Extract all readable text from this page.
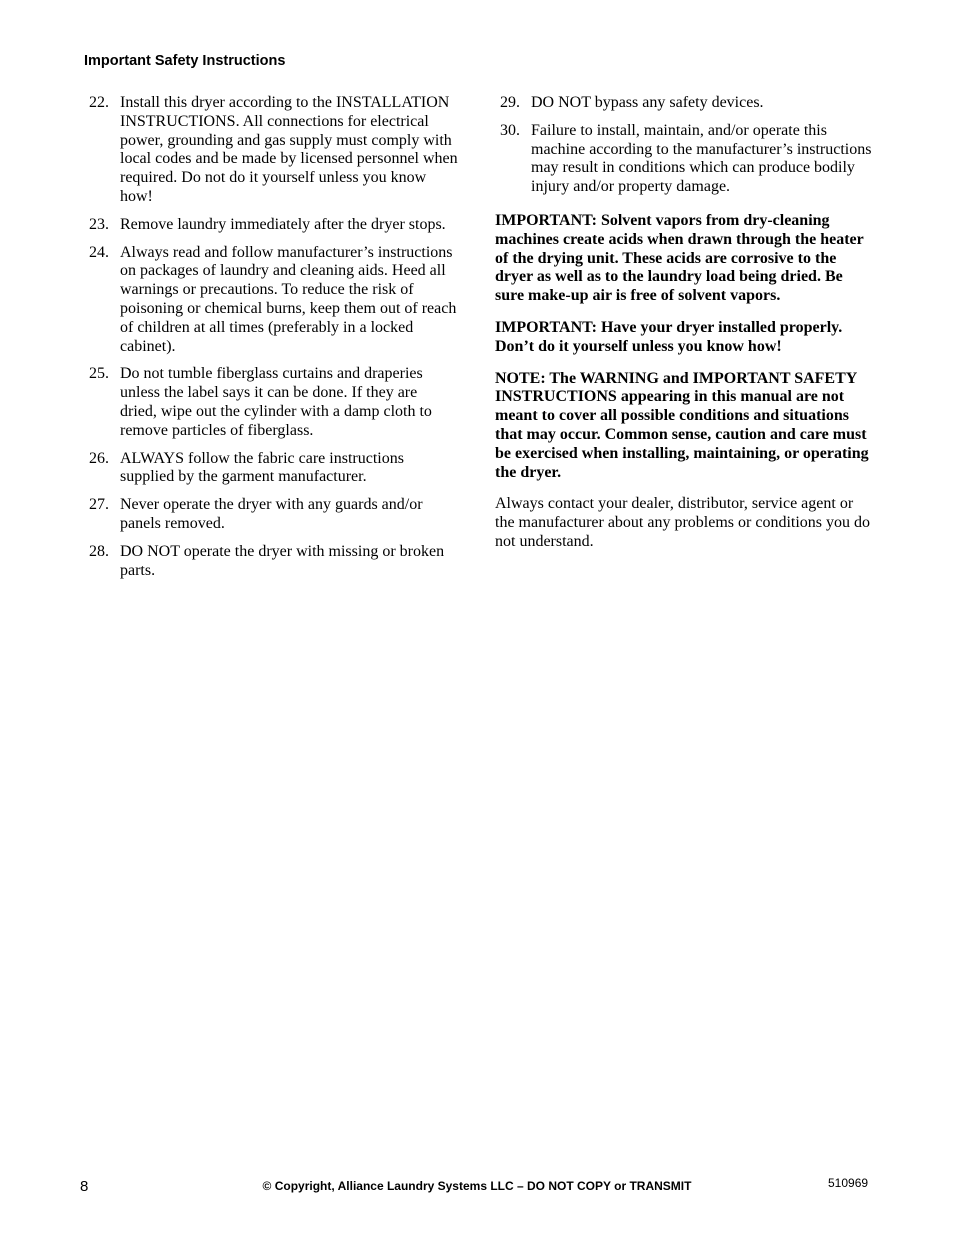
Important Safety Instructions
22. Install this dryer according to the INSTALLATION INSTRUCTIONS. All connections for electrical power, grounding and gas supply must comply with local codes and be made by licensed personnel when required. Do not do it yourself unless you know how!
23. Remove laundry immediately after the dryer stops.
24. Always read and follow manufacturer’s instructions on packages of laundry and cleaning aids. Heed all warnings or precautions. To reduce the risk of poisoning or chemical burns, keep them out of reach of children at all times (preferably in a locked cabinet).
25. Do not tumble fiberglass curtains and draperies unless the label says it can be done. If they are dried, wipe out the cylinder with a damp cloth to remove particles of fiberglass.
26. ALWAYS follow the fabric care instructions supplied by the garment manufacturer.
27. Never operate the dryer with any guards and/or panels removed.
28. DO NOT operate the dryer with missing or broken parts.
29. DO NOT bypass any safety devices.
30. Failure to install, maintain, and/or operate this machine according to the manufacturer’s instructions may result in conditions which can produce bodily injury and/or property damage.

IMPORTANT: Solvent vapors from dry-cleaning machines create acids when drawn through the heater of the drying unit. These acids are corrosive to the dryer as well as to the laundry load being dried. Be sure make-up air is free of solvent vapors.

IMPORTANT: Have your dryer installed properly. Don’t do it yourself unless you know how!

NOTE: The WARNING and IMPORTANT SAFETY INSTRUCTIONS appearing in this manual are not meant to cover all possible conditions and situations that may occur. Common sense, caution and care must be exercised when installing, maintaining, or operating the dryer.

Always contact your dealer, distributor, service agent or the manufacturer about any problems or conditions you do not understand.

8	© Copyright, Alliance Laundry Systems LLC – DO NOT COPY or TRANSMIT	510969
